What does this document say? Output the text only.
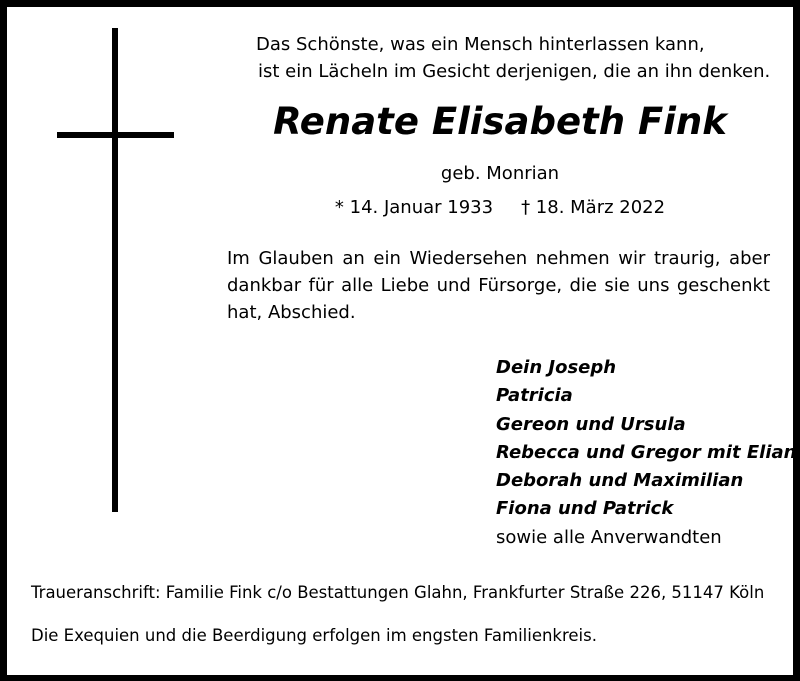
Das Schönste, was ein Mensch hinterlassen kann,
ist ein Lächeln im Gesicht derjenigen, die an ihn denken.
Renate Elisabeth Fink
geb. Monrian
* 14. Januar 1933 † 18. März 2022
Im Glauben an ein Wiedersehen nehmen wir traurig, aber dankbar für alle Liebe und Fürsorge, die sie uns geschenkt hat, Abschied.
Dein Joseph
Patricia
Gereon und Ursula
Rebecca und Gregor mit Elian
Deborah und Maximilian
Fiona und Patrick
sowie alle Anverwandten
Traueranschrift: Familie Fink c/o Bestattungen Glahn, Frankfurter Straße 226, 51147 Köln
Die Exequien und die Beerdigung erfolgen im engsten Familienkreis.
